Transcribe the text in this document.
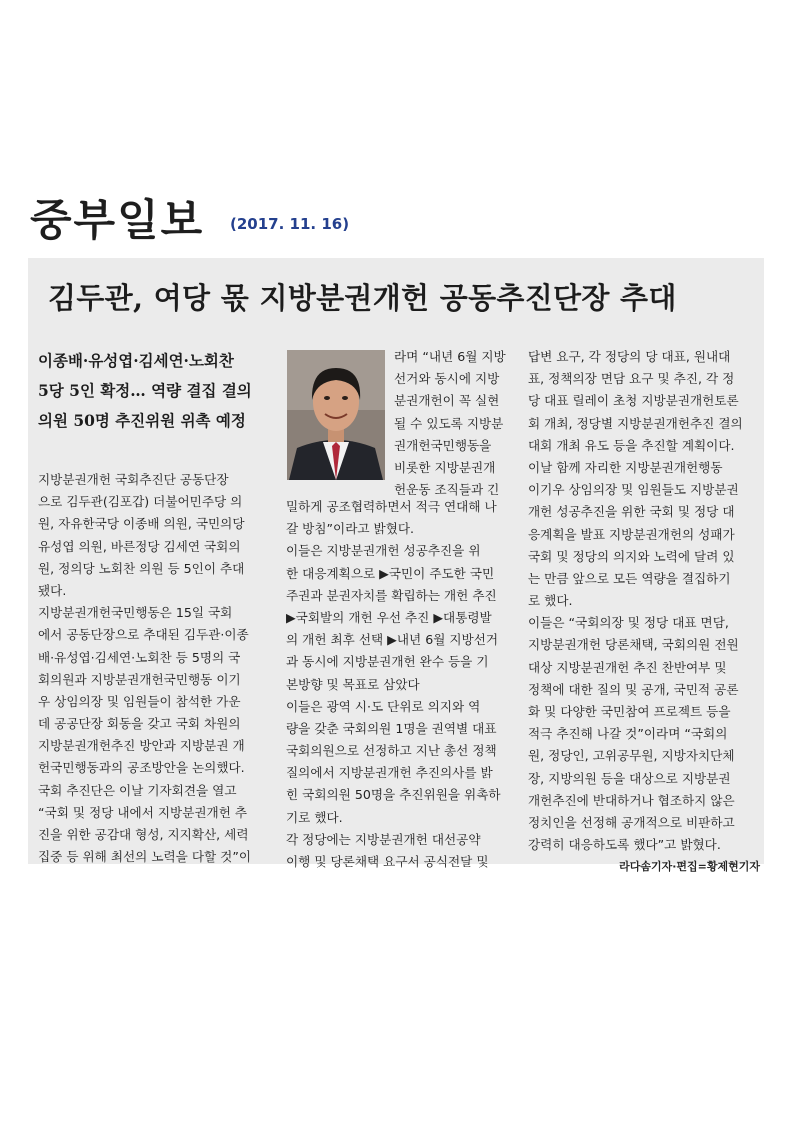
중부일보 (2017. 11. 16)
김두관, 여당 몫 지방분권개헌 공동추진단장 추대
이종배·유성엽·김세연·노회찬
5당 5인 확정… 역량 결집 결의
의원 50명 추진위원 위촉 예정
지방분권개헌 국회추진단 공동단장
으로 김두관(김포갑) 더불어민주당 의
원, 자유한국당 이종배 의원, 국민의당
유성엽 의원, 바른정당 김세연 국회의
원, 정의당 노회찬 의원 등 5인이 추대
됐다.
지방분권개헌국민행동은 15일 국회
에서 공동단장으로 추대된 김두관·이종
배·유성엽·김세연·노회찬 등 5명의 국
회의원과 지방분권개헌국민행동 이기
우 상임의장 및 임원들이 참석한 가운
데 공공단장 회동을 갖고 국회 차원의
지방분권개헌추진 방안과 지방분권 개
헌국민행동과의 공조방안을 논의했다.
국회 추진단은 이날 기자회견을 열고
“국회 및 정당 내에서 지방분권개헌 추
진을 위한 공감대 형성, 지지확산, 세력
집중 등 위해 최선의 노력을 다할 것”이
라며 “내년 6월 지방
선거와 동시에 지방
분권개헌이 꼭 실현
될 수 있도록 지방분
권개헌국민행동을
비롯한 지방분권개
헌운동 조직들과 긴
밀하게 공조협력하면서 적극 연대해 나
갈 방침”이라고 밝혔다.
이들은 지방분권개헌 성공추진을 위
한 대응계획으로 ▶국민이 주도한 국민
주권과 분권자치를 확립하는 개헌 추진
▶국회발의 개헌 우선 추진 ▶대통령발
의 개헌 최후 선택 ▶내년 6월 지방선거
과 동시에 지방분권개헌 완수 등을 기
본방향 및 목표로 삼았다
이들은 광역 시·도 단위로 의지와 역
량을 갖춘 국회의원 1명을 권역별 대표
국회의원으로 선정하고 지난 총선 정책
질의에서 지방분권개헌 추진의사를 밝
힌 국회의원 50명을 추진위원을 위촉하
기로 했다.
각 정당에는 지방분권개헌 대선공약
이행 및 당론채택 요구서 공식전달 및
답변 요구, 각 정당의 당 대표, 원내대
표, 정책의장 면담 요구 및 추진, 각 정
당 대표 릴레이 초청 지방분권개헌토론
회 개최, 정당별 지방분권개헌추진 결의
대회 개최 유도 등을 추진할 계획이다.
이날 함께 자리한 지방분권개헌행동
이기우 상임의장 및 임원들도 지방분권
개헌 성공추진을 위한 국회 및 정당 대
응계획을 발표 지방분권개헌의 성패가
국회 및 정당의 의지와 노력에 달려 있
는 만큼 앞으로 모든 역량을 결집하기
로 했다.
이들은 “국회의장 및 정당 대표 면담,
지방분권개헌 당론채택, 국회의원 전원
대상 지방분권개헌 추진 찬반여부 및
정책에 대한 질의 및 공개, 국민적 공론
화 및 다양한 국민참여 프로젝트 등을
적극 추진해 나갈 것”이라며 “국회의
원, 정당인, 고위공무원, 지방자치단체
장, 지방의원 등을 대상으로 지방분권
개헌추진에 반대하거나 협조하지 않은
정치인을 선정해 공개적으로 비판하고
강력히 대응하도록 했다”고 밝혔다.
라다솜기자·편집=황제현기자
